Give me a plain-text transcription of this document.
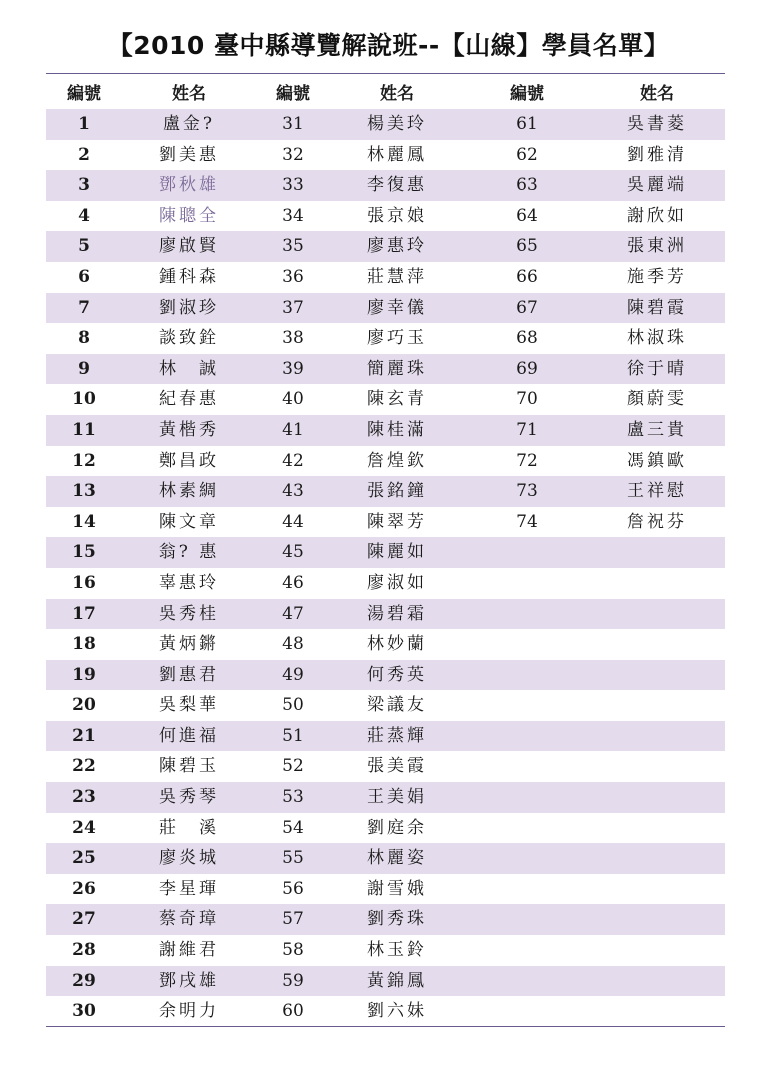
【2010 臺中縣導覽解說班--【山線】學員名單】
編號	姓名	編號	姓名	編號	姓名
1	盧金?	31	楊美玲	61	吳書菱
2	劉美惠	32	林麗鳳	62	劉雅清
3	鄧秋雄	33	李復惠	63	吳麗端
4	陳聰全	34	張京娘	64	謝欣如
5	廖啟賢	35	廖惠玲	65	張東洲
6	鍾科森	36	莊慧萍	66	施季芳
7	劉淑珍	37	廖幸儀	67	陳碧霞
8	談致銓	38	廖巧玉	68	林淑珠
9	林　誠	39	簡麗珠	69	徐于晴
10	紀春惠	40	陳玄青	70	顏蔚雯
11	黃楷秀	41	陳桂滿	71	盧三貴
12	鄭昌政	42	詹煌欽	72	馮鎮歐
13	林素綢	43	張銘鐘	73	王祥慰
14	陳文章	44	陳翠芳	74	詹祝芬
15	翁? 惠	45	陳麗如
16	辜惠玲	46	廖淑如
17	吳秀桂	47	湯碧霜
18	黃炳鏘	48	林妙蘭
19	劉惠君	49	何秀英
20	吳梨華	50	梁議友
21	何進福	51	莊蒸輝
22	陳碧玉	52	張美霞
23	吳秀琴	53	王美娟
24	莊　溪	54	劉庭余
25	廖炎城	55	林麗姿
26	李星琿	56	謝雪娥
27	蔡奇璋	57	劉秀珠
28	謝維君	58	林玉鈴
29	鄧戌雄	59	黃錦鳳
30	余明力	60	劉六妹
